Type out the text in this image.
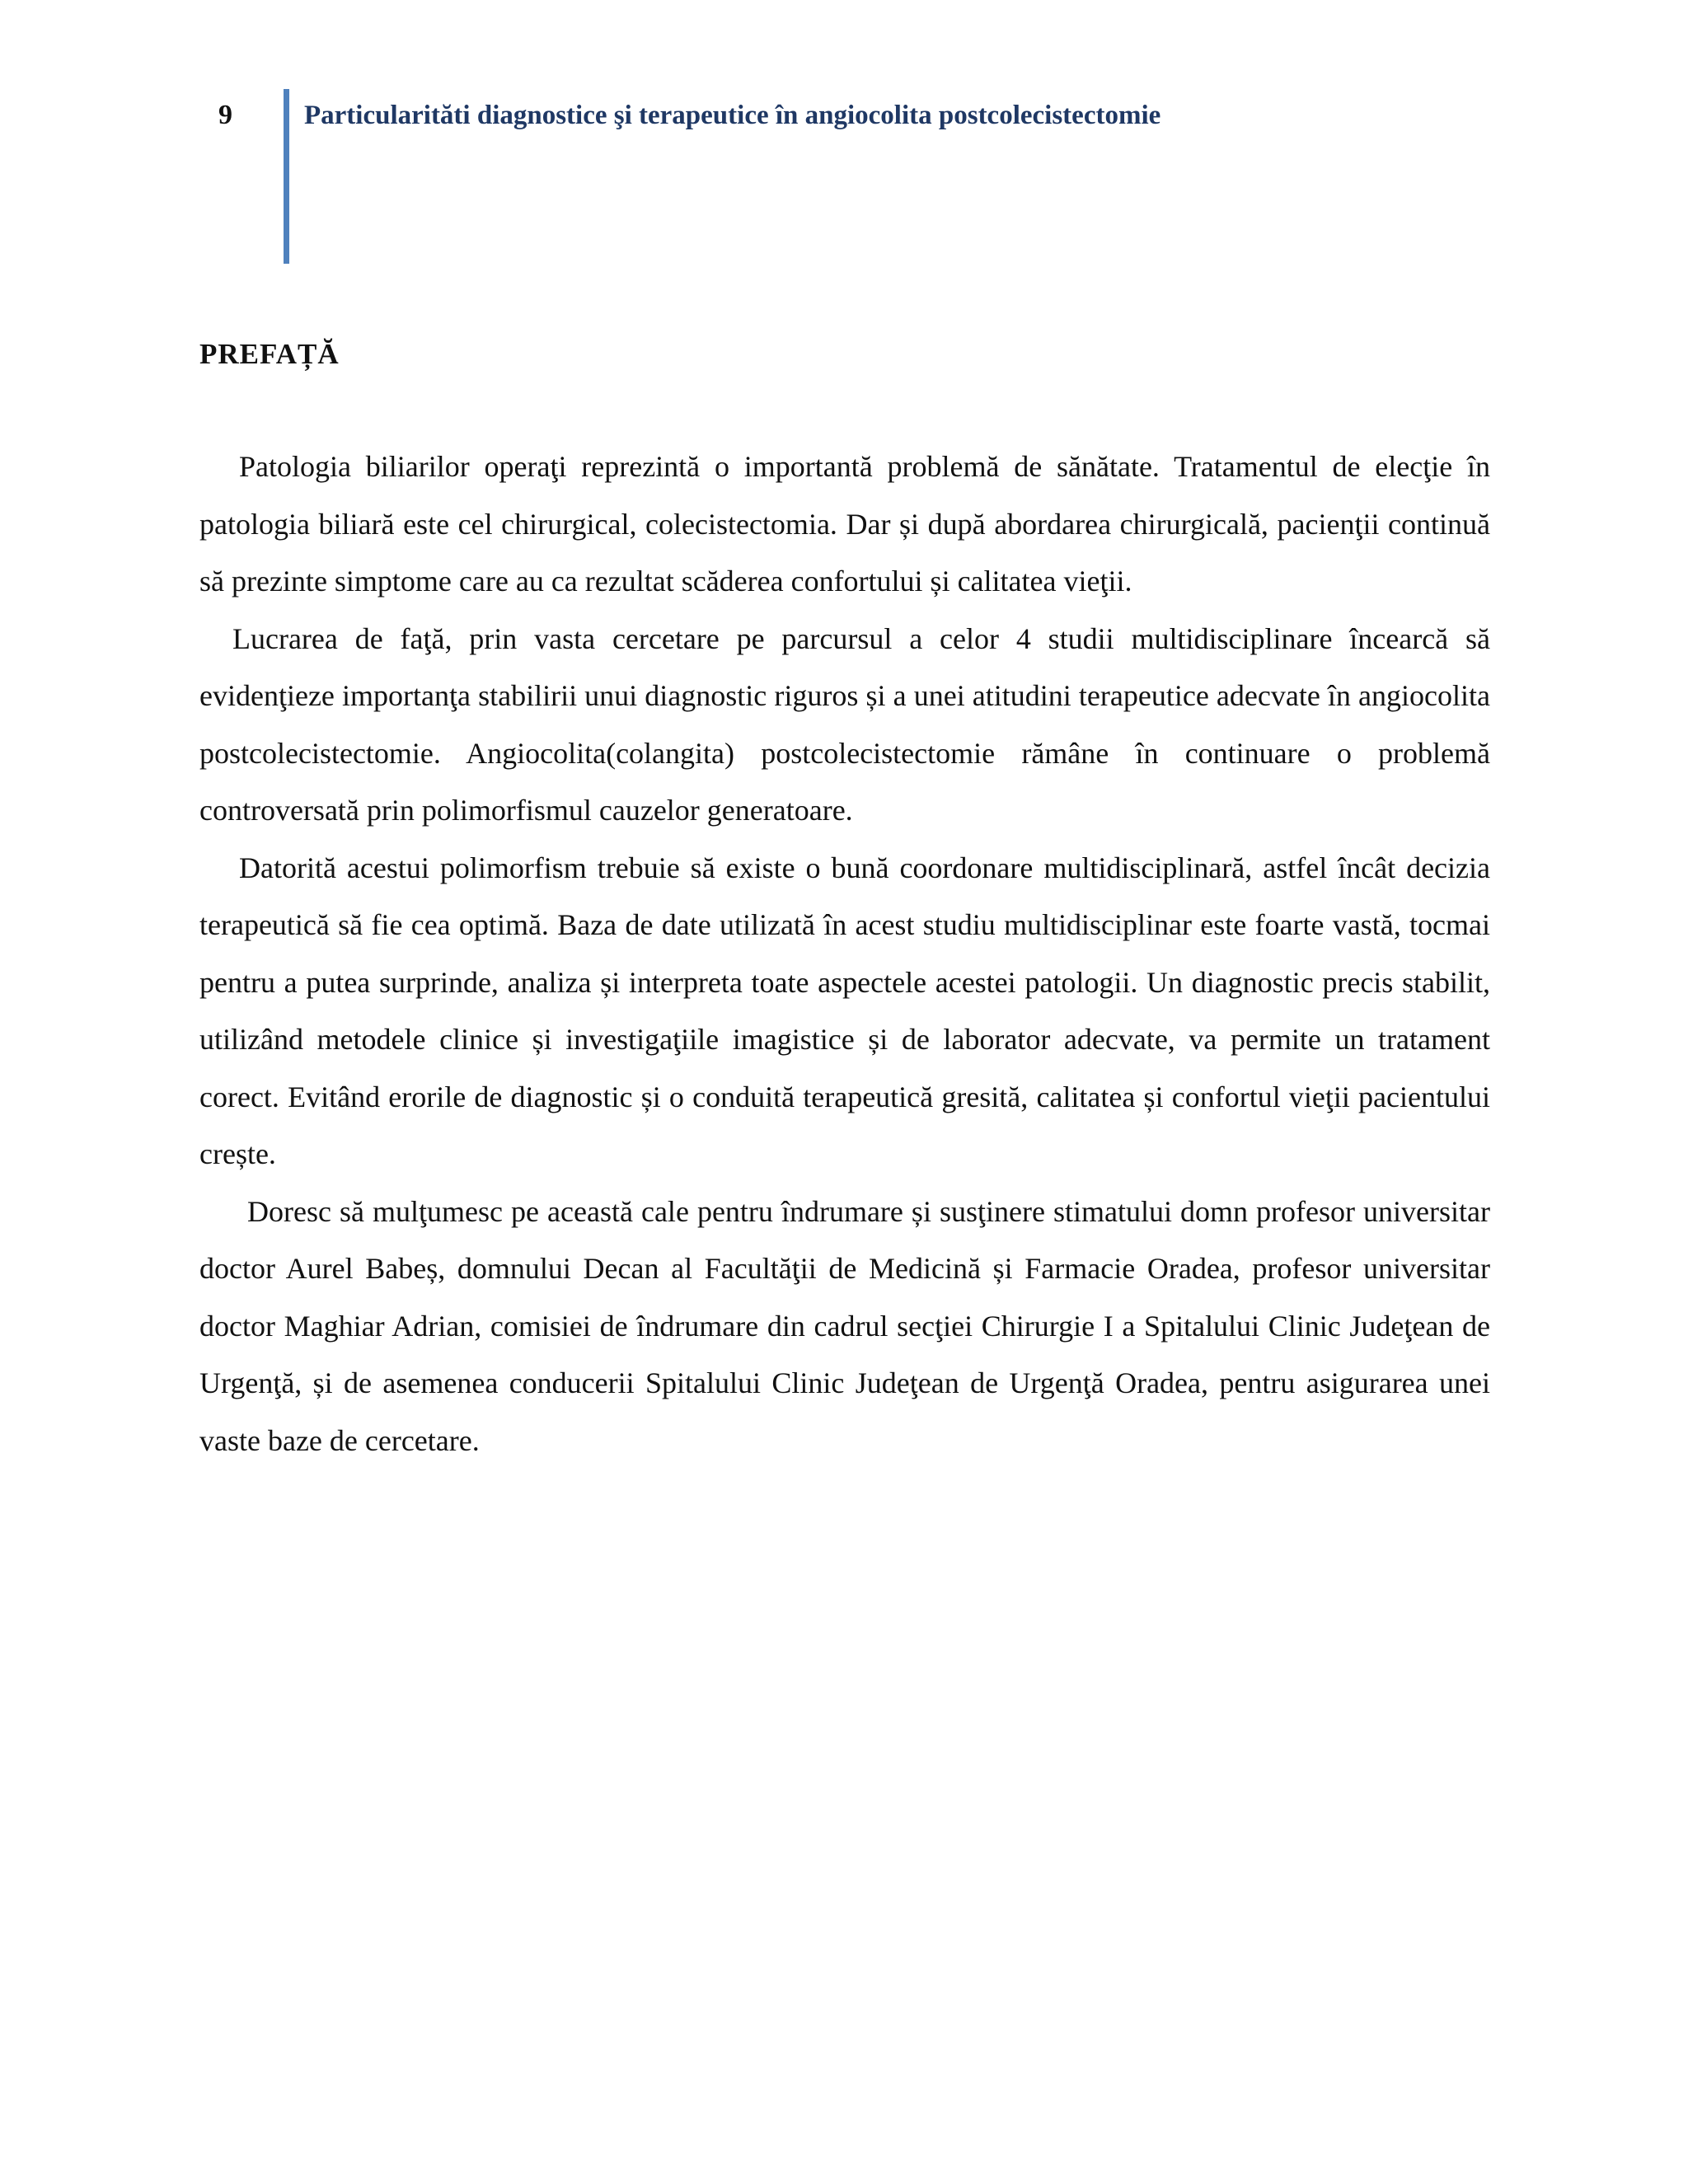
9	Particularităti diagnostice şi terapeutice în angiocolita postcolecistectomie
PREFAȚĂ

Patologia biliarilor operaţi reprezintă o importantă problemă de sănătate. Tratamentul de elecţie în patologia biliară este cel chirurgical, colecistectomia. Dar și după abordarea chirurgicală, pacienţii continuă să prezinte simptome care au ca rezultat scăderea confortului și calitatea vieţii.

Lucrarea de faţă, prin vasta cercetare pe parcursul a celor 4 studii multidisciplinare încearcă să evidenţieze importanţa stabilirii unui diagnostic riguros și a unei atitudini terapeutice adecvate în angiocolita postcolecistectomie. Angiocolita(colangita) postcolecistectomie rămâne în continuare o problemă controversată prin polimorfismul cauzelor generatoare.

Datorită acestui polimorfism trebuie să existe o bună coordonare multidisciplinară, astfel încât decizia terapeutică să fie cea optimă. Baza de date utilizată în acest studiu multidisciplinar este foarte vastă, tocmai pentru a putea surprinde, analiza și interpreta toate aspectele acestei patologii. Un diagnostic precis stabilit, utilizând metodele clinice și investigaţiile imagistice și de laborator adecvate, va permite un tratament corect. Evitând erorile de diagnostic și o conduită terapeutică gresită, calitatea și confortul vieţii pacientului crește.

Doresc să mulţumesc pe această cale pentru îndrumare și susţinere stimatului domn profesor universitar doctor Aurel Babeș, domnului Decan al Facultăţii de Medicină și Farmacie Oradea, profesor universitar doctor Maghiar Adrian, comisiei de îndrumare din cadrul secţiei Chirurgie I a Spitalului Clinic Judeţean de Urgenţă, și de asemenea conducerii Spitalului Clinic Judeţean de Urgenţă Oradea, pentru asigurarea unei vaste baze de cercetare.
